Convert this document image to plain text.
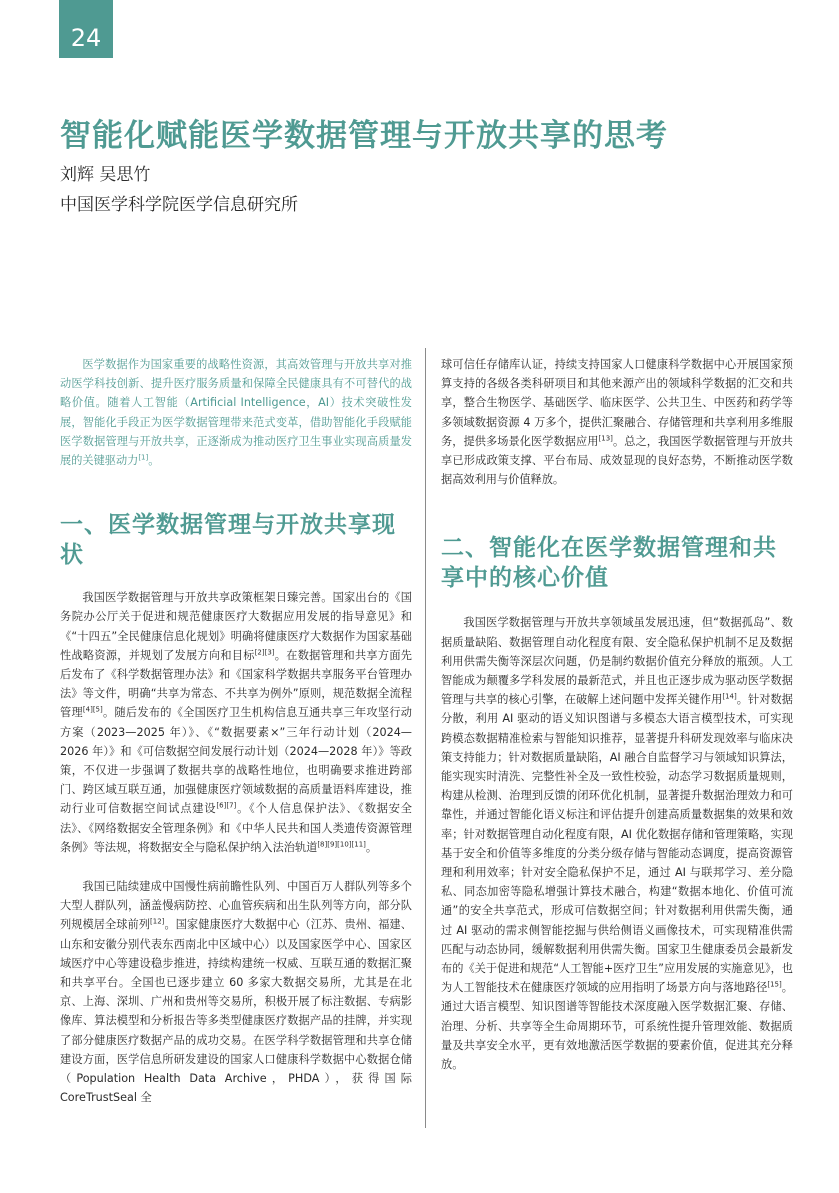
24
智能化赋能医学数据管理与开放共享的思考
刘辉 吴思竹
中国医学科学院医学信息研究所

医学数据作为国家重要的战略性资源，其高效管理与开放共享对推动医学科技创新、提升医疗服务质量和保障全民健康具有不可替代的战略价值。随着人工智能（Artificial Intelligence，AI）技术突破性发展，智能化手段正为医学数据管理带来范式变革，借助智能化手段赋能医学数据管理与开放共享，正逐渐成为推动医疗卫生事业实现高质量发展的关键驱动力[1]。

一、医学数据管理与开放共享现状

我国医学数据管理与开放共享政策框架日臻完善。国家出台的《国务院办公厅关于促进和规范健康医疗大数据应用发展的指导意见》和《“十四五”全民健康信息化规划》明确将健康医疗大数据作为国家基础性战略资源，并规划了发展方向和目标[2][3]。在数据管理和共享方面先后发布了《科学数据管理办法》和《国家科学数据共享服务平台管理办法》等文件，明确“共享为常态、不共享为例外”原则，规范数据全流程管理[4][5]。随后发布的《全国医疗卫生机构信息互通共享三年攻坚行动方案（2023—2025 年）》、《“数据要素×”三年行动计划（2024—2026 年）》和《可信数据空间发展行动计划（2024—2028 年）》等政策，不仅进一步强调了数据共享的战略性地位，也明确要求推进跨部门、跨区域互联互通，加强健康医疗领域数据的高质量语料库建设，推动行业可信数据空间试点建设[6][7]。《个人信息保护法》、《数据安全法》、《网络数据安全管理条例》和《中华人民共和国人类遗传资源管理条例》等法规，将数据安全与隐私保护纳入法治轨道[8][9][10][11]。

我国已陆续建成中国慢性病前瞻性队列、中国百万人群队列等多个大型人群队列，涵盖慢病防控、心血管疾病和出生队列等方向，部分队列规模居全球前列[12]。国家健康医疗大数据中心（江苏、贵州、福建、山东和安徽分别代表东西南北中区域中心）以及国家医学中心、国家区域医疗中心等建设稳步推进，持续构建统一权威、互联互通的数据汇聚和共享平台。全国也已逐步建立 60 多家大数据交易所，尤其是在北京、上海、深圳、广州和贵州等交易所，积极开展了标注数据、专病影像库、算法模型和分析报告等多类型健康医疗数据产品的挂牌，并实现了部分健康医疗数据产品的成功交易。在医学科学数据管理和共享仓储建设方面，医学信息所研发建设的国家人口健康科学数据中心数据仓储（Population Health Data Archive，PHDA），获得国际 CoreTrustSeal 全

球可信任存储库认证，持续支持国家人口健康科学数据中心开展国家预算支持的各级各类科研项目和其他来源产出的领域科学数据的汇交和共享，整合生物医学、基础医学、临床医学、公共卫生、中医药和药学等多领域数据资源 4 万多个，提供汇聚融合、存储管理和共享利用多维服务，提供多场景化医学数据应用[13]。总之，我国医学数据管理与开放共享已形成政策支撑、平台布局、成效显现的良好态势，不断推动医学数据高效利用与价值释放。

二、智能化在医学数据管理和共享中的核心价值

我国医学数据管理与开放共享领域虽发展迅速，但“数据孤岛”、数据质量缺陷、数据管理自动化程度有限、安全隐私保护机制不足及数据利用供需失衡等深层次问题，仍是制约数据价值充分释放的瓶颈。人工智能成为颠覆多学科发展的最新范式，并且也正逐步成为驱动医学数据管理与共享的核心引擎，在破解上述问题中发挥关键作用[14]。针对数据分散，利用 AI 驱动的语义知识图谱与多模态大语言模型技术，可实现跨模态数据精准检索与智能知识推荐，显著提升科研发现效率与临床决策支持能力；针对数据质量缺陷，AI 融合自监督学习与领域知识算法，能实现实时清洗、完整性补全及一致性校验，动态学习数据质量规则，构建从检测、治理到反馈的闭环优化机制，显著提升数据治理效力和可靠性，并通过智能化语义标注和评估提升创建高质量数据集的效果和效率；针对数据管理自动化程度有限，AI 优化数据存储和管理策略，实现基于安全和价值等多维度的分类分级存储与智能动态调度，提高资源管理和利用效率；针对安全隐私保护不足，通过 AI 与联邦学习、差分隐私、同态加密等隐私增强计算技术融合，构建“数据本地化、价值可流通”的安全共享范式，形成可信数据空间；针对数据利用供需失衡，通过 AI 驱动的需求侧智能挖掘与供给侧语义画像技术，可实现精准供需匹配与动态协同，缓解数据利用供需失衡。国家卫生健康委员会最新发布的《关于促进和规范“人工智能+医疗卫生”应用发展的实施意见》，也为人工智能技术在健康医疗领域的应用指明了场景方向与落地路径[15]。通过大语言模型、知识图谱等智能技术深度融入医学数据汇聚、存储、治理、分析、共享等全生命周期环节，可系统性提升管理效能、数据质量及共享安全水平，更有效地激活医学数据的要素价值，促进其充分释放。
